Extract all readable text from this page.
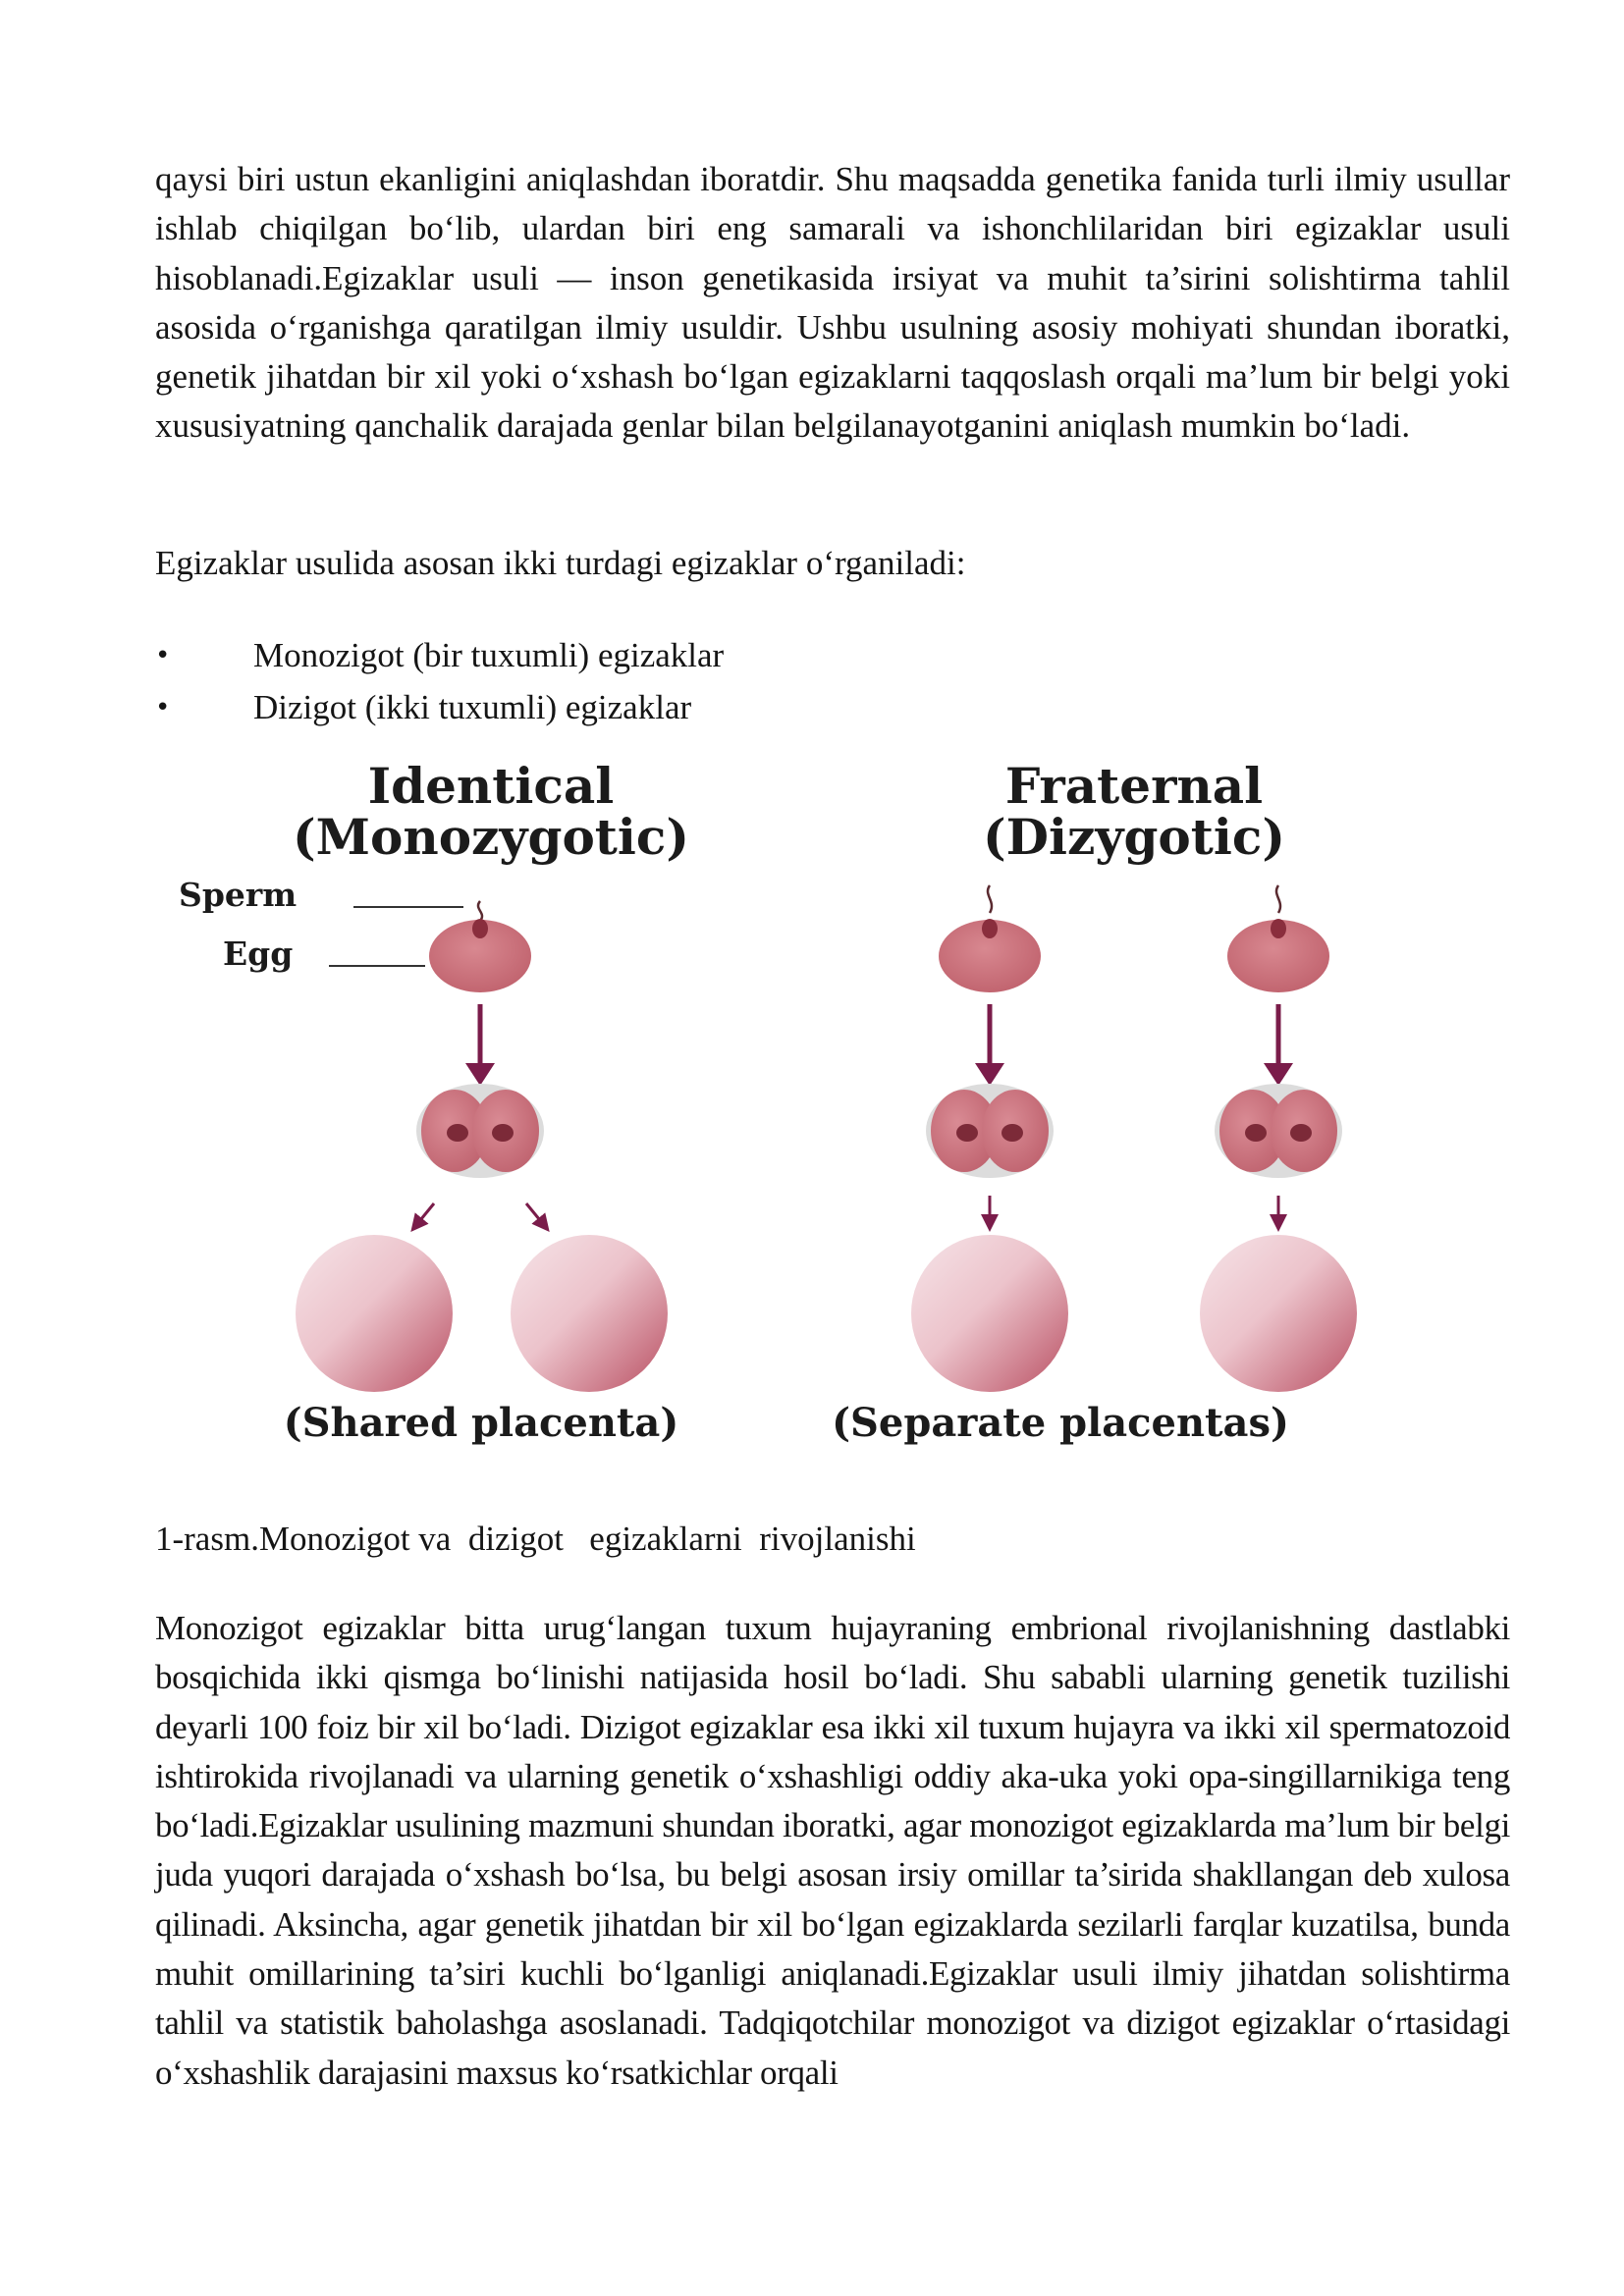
qaysi biri ustun ekanligini aniqlashdan iboratdir. Shu maqsadda genetika fanida turli ilmiy usullar ishlab chiqilgan bo‘lib, ulardan biri eng samarali va ishonchlilaridan biri egizaklar usuli hisoblanadi.Egizaklar usuli — inson genetikasida irsiyat va muhit ta’sirini solishtirma tahlil asosida o‘rganishga qaratilgan ilmiy usuldir. Ushbu usulning asosiy mohiyati shundan iboratki, genetik jihatdan bir xil yoki o‘xshash bo‘lgan egizaklarni taqqoslash orqali ma’lum bir belgi yoki xususiyatning qanchalik darajada genlar bilan belgilanayotganini aniqlash mumkin bo‘ladi.

Egizaklar usulida asosan ikki turdagi egizaklar o‘rganiladi:

•	Monozigot (bir tuxumli) egizaklar
•	Dizigot (ikki tuxumli) egizaklar
Identical
(Monozygotic)
Fraternal
(Dizygotic)
Sperm
Egg
(Shared placenta)	(Separate placentas)

1-rasm.Monozigot va  dizigot   egizaklarni  rivojlanishi

Monozigot egizaklar bitta urug‘langan tuxum hujayraning embrional rivojlanishning dastlabki bosqichida ikki qismga bo‘linishi natijasida hosil bo‘ladi. Shu sababli ularning genetik tuzilishi deyarli 100 foiz bir xil bo‘ladi. Dizigot egizaklar esa ikki xil tuxum hujayra va ikki xil spermatozoid ishtirokida rivojlanadi va ularning genetik o‘xshashligi oddiy aka-uka yoki opa-singillarnikiga teng bo‘ladi.Egizaklar usulining mazmuni shundan iboratki, agar monozigot egizaklarda ma’lum bir belgi juda yuqori darajada o‘xshash bo‘lsa, bu belgi asosan irsiy omillar ta’sirida shakllangan deb xulosa qilinadi. Aksincha, agar genetik jihatdan bir xil bo‘lgan egizaklarda sezilarli farqlar kuzatilsa, bunda muhit omillarining ta’siri kuchli bo‘lganligi aniqlanadi.Egizaklar usuli ilmiy jihatdan solishtirma tahlil va statistik baholashga asoslanadi. Tadqiqotchilar monozigot va dizigot egizaklar o‘rtasidagi o‘xshashlik darajasini maxsus ko‘rsatkichlar orqali
